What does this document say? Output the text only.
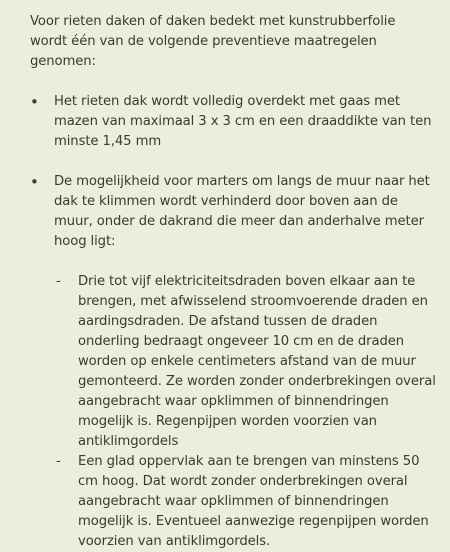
Voor rieten daken of daken bedekt met kunstrubberfolie wordt één van de volgende preventieve maatregelen genomen:

•	Het rieten dak wordt volledig overdekt met gaas met mazen van maximaal 3 x 3 cm en een draaddikte van ten minste 1,45 mm
•	De mogelijkheid voor marters om langs de muur naar het dak te klimmen wordt verhinderd door boven aan de muur, onder de dakrand die meer dan anderhalve meter hoog ligt:
- Drie tot vijf elektriciteitsdraden boven elkaar aan te brengen, met afwisselend stroomvoerende draden en aardingsdraden. De afstand tussen de draden onderling bedraagt ongeveer 10 cm en de draden worden op enkele centimeters afstand van de muur gemonteerd. Ze worden zonder onderbrekingen overal aangebracht waar opklimmen of binnendringen mogelijk is. Regenpijpen worden voorzien van antiklimgordels
- Een glad oppervlak aan te brengen van minstens 50 cm hoog. Dat wordt zonder onderbrekingen overal aangebracht waar opklimmen of binnendringen mogelijk is. Eventueel aanwezige regenpijpen worden voorzien van antiklimgordels.
